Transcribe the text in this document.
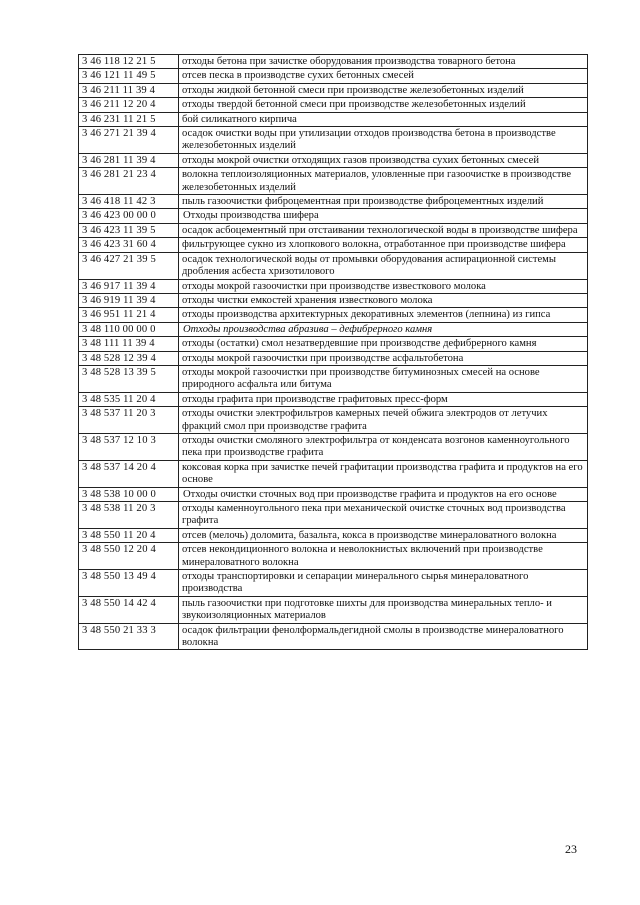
3 46 118 12 21 5	отходы бетона при зачистке оборудования производства товарного бетона
3 46 121 11 49 5	отсев песка в производстве сухих бетонных смесей
3 46 211 11 39 4	отходы жидкой бетонной смеси при производстве железобетонных изделий
3 46 211 12 20 4	отходы твердой бетонной смеси при производстве железобетонных изделий
3 46 231 11 21 5	бой силикатного кирпича
3 46 271 21 39 4	осадок очистки воды при утилизации отходов производства бетона в производстве железобетонных изделий
3 46 281 11 39 4	отходы мокрой очистки отходящих газов производства сухих бетонных смесей
3 46 281 21 23 4	волокна теплоизоляционных материалов, уловленные при газоочистке в производстве железобетонных изделий
3 46 418 11 42 3	пыль газоочистки фиброцементная при производстве фиброцементных изделий
3 46 423 00 00 0	Отходы производства шифера
3 46 423 11 39 5	осадок асбоцементный при отстаивании технологической воды в производстве шифера
3 46 423 31 60 4	фильтрующее сукно из хлопкового волокна, отработанное при производстве шифера
3 46 427 21 39 5	осадок технологической воды от промывки оборудования аспирационной системы дробления асбеста хризотилового
3 46 917 11 39 4	отходы мокрой газоочистки при производстве известкового молока
3 46 919 11 39 4	отходы чистки емкостей хранения известкового молока
3 46 951 11 21 4	отходы производства архитектурных декоративных элементов (лепнина) из гипса
3 48 110 00 00 0	Отходы производства абразива – дефибрерного камня
3 48 111 11 39 4	отходы (остатки) смол незатвердевшие при производстве дефибрерного камня
3 48 528 12 39 4	отходы мокрой газоочистки при производстве асфальтобетона
3 48 528 13 39 5	отходы мокрой газоочистки при производстве битуминозных смесей на основе природного асфальта или битума
3 48 535 11 20 4	отходы графита при производстве графитовых пресс-форм
3 48 537 11 20 3	отходы очистки электрофильтров камерных печей обжига электродов от летучих фракций смол при производстве графита
3 48 537 12 10 3	отходы очистки смоляного электрофильтра от конденсата возгонов каменноугольного пека при производстве графита
3 48 537 14 20 4	коксовая корка при зачистке печей графитации производства графита и продуктов на его основе
3 48 538 10 00 0	Отходы очистки сточных вод при производстве графита и продуктов на его основе
3 48 538 11 20 3	отходы каменноугольного пека при механической очистке сточных вод производства графита
3 48 550 11 20 4	отсев (мелочь) доломита, базальта, кокса в производстве минераловатного волокна
3 48 550 12 20 4	отсев некондиционного волокна и неволокнистых включений при производстве минераловатного волокна
3 48 550 13 49 4	отходы транспортировки и сепарации минерального сырья минераловатного производства
3 48 550 14 42 4	пыль газоочистки при подготовке шихты для производства минеральных тепло- и звукоизоляционных материалов
3 48 550 21 33 3	осадок фильтрации фенолформальдегидной смолы в производстве минераловатного волокна
23
